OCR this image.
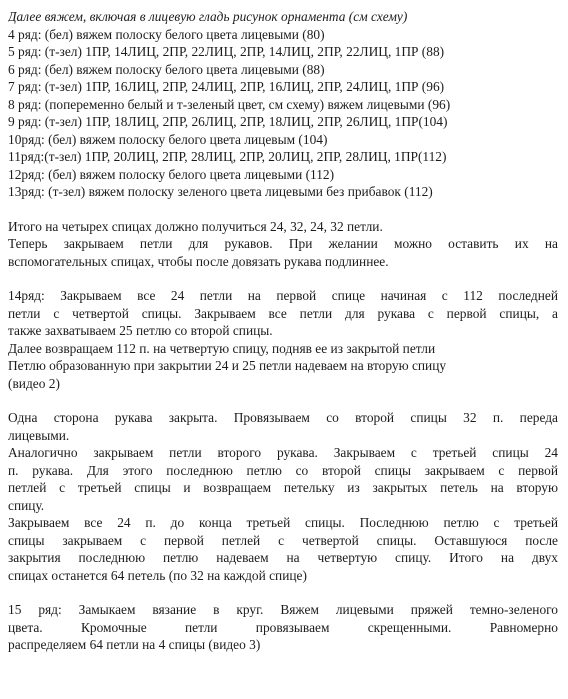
Далее вяжем, включая в лицевую гладь рисунок орнамента (см схему)
4 ряд: (бел) вяжем полоску белого цвета лицевыми (80)
5 ряд: (т-зел) 1ПР, 14ЛИЦ, 2ПР, 22ЛИЦ, 2ПР, 14ЛИЦ, 2ПР, 22ЛИЦ, 1ПР (88)
6 ряд: (бел) вяжем полоску белого цвета лицевыми (88)
7 ряд: (т-зел) 1ПР, 16ЛИЦ, 2ПР, 24ЛИЦ, 2ПР, 16ЛИЦ, 2ПР, 24ЛИЦ, 1ПР (96)
8 ряд: (попеременно белый и т-зеленый цвет, см схему) вяжем лицевыми (96)
9 ряд: (т-зел) 1ПР, 18ЛИЦ, 2ПР, 26ЛИЦ, 2ПР, 18ЛИЦ, 2ПР, 26ЛИЦ, 1ПР(104)
10ряд: (бел) вяжем полоску белого цвета лицевым (104)
11ряд:(т-зел) 1ПР, 20ЛИЦ, 2ПР, 28ЛИЦ, 2ПР, 20ЛИЦ, 2ПР, 28ЛИЦ, 1ПР(112)
12ряд: (бел) вяжем полоску белого цвета лицевыми (112)
13ряд: (т-зел) вяжем полоску зеленого цвета лицевыми без прибавок (112)
Итого на четырех спицах должно получиться 24, 32, 24, 32 петли.
Теперь закрываем петли для рукавов. При желании можно оставить их на
вспомогательных спицах, чтобы после довязать рукава подлиннее.
14ряд: Закрываем все 24 петли на первой спице начиная с 112 последней
петли с четвертой спицы. Закрываем все петли для рукава с первой спицы, а
также захватываем 25 петлю со второй спицы.
Далее возвращаем 112 п. на четвертую спицу, подняв ее из закрытой петли
Петлю образованную при закрытии 24 и 25 петли надеваем на вторую спицу
(видео 2)
Одна сторона рукава закрыта. Провязываем со второй спицы 32 п. переда
лицевыми.
Аналогично закрываем петли второго рукава. Закрываем с третьей спицы 24
п. рукава. Для этого последнюю петлю со второй спицы закрываем с первой
петлей с третьей спицы и возвращаем петельку из закрытых петель на вторую
спицу.
Закрываем все 24 п. до конца третьей спицы. Последнюю петлю с третьей
спицы закрываем с первой петлей с четвертой спицы. Оставшуюся после
закрытия последнюю петлю надеваем на четвертую спицу. Итого на двух
спицах останется 64 петель (по 32 на каждой спице)
15 ряд: Замыкаем вязание в круг. Вяжем лицевыми пряжей темно-зеленого
цвета. Кромочные петли провязываем скрещенными. Равномерно
распределяем 64 петли на 4 спицы (видео 3)
